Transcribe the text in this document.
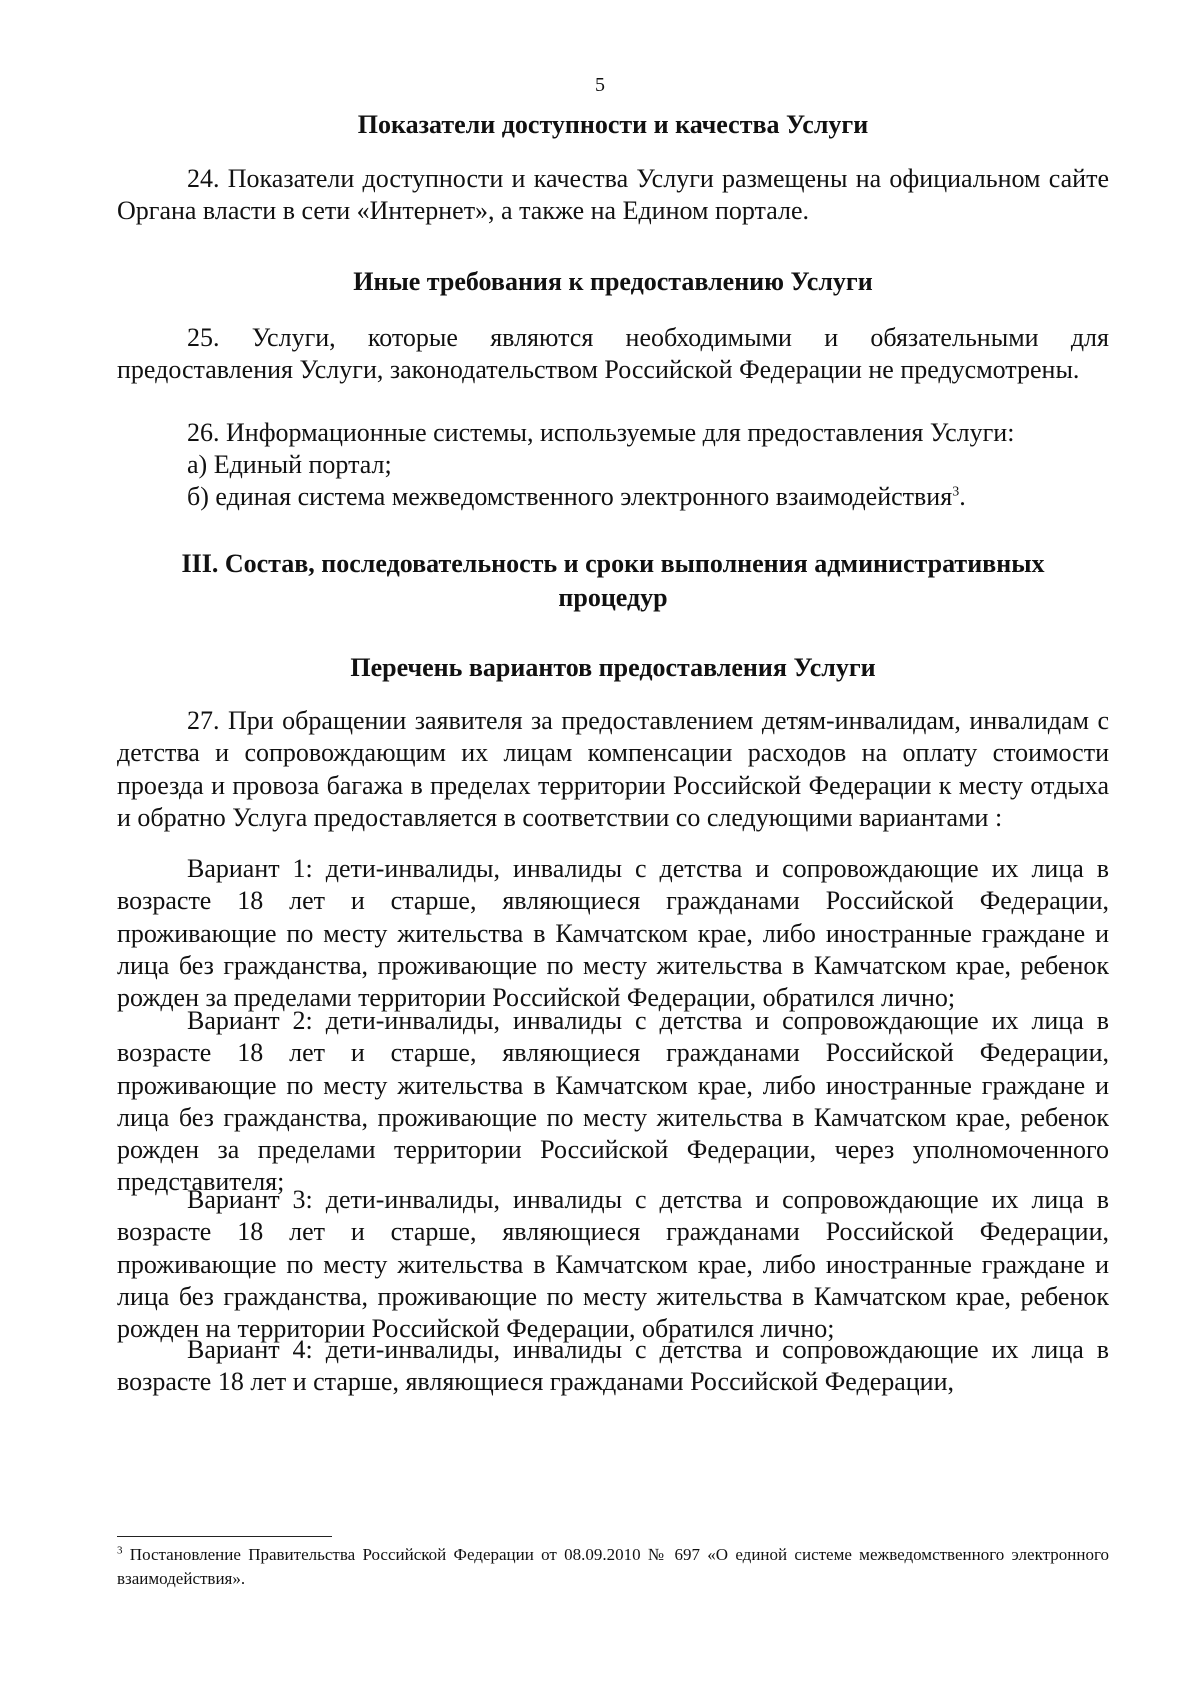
5
Показатели доступности и качества Услуги
24. Показатели доступности и качества Услуги размещены на официальном сайте Органа власти в сети «Интернет», а также на Едином портале.
Иные требования к предоставлению Услуги
25. Услуги, которые являются необходимыми и обязательными для предоставления Услуги, законодательством Российской Федерации не предусмотрены.
26. Информационные системы, используемые для предоставления Услуги:
а) Единый портал;
б) единая система межведомственного электронного взаимодействия$^3$.
III. Состав, последовательность и сроки выполнения административных процедур
Перечень вариантов предоставления Услуги
27. При обращении заявителя за предоставлением детям-инвалидам, инвалидам с детства и сопровождающим их лицам компенсации расходов на оплату стоимости проезда и провоза багажа в пределах территории Российской Федерации к месту отдыха и обратно Услуга предоставляется в соответствии со следующими вариантами :
Вариант 1: дети-инвалиды, инвалиды с детства и сопровождающие их лица в возрасте 18 лет и старше, являющиеся гражданами Российской Федерации, проживающие по месту жительства в Камчатском крае, либо иностранные граждане и лица без гражданства, проживающие по месту жительства в Камчатском крае, ребенок рожден за пределами территории Российской Федерации, обратился лично;
Вариант 2: дети-инвалиды, инвалиды с детства и сопровождающие их лица в возрасте 18 лет и старше, являющиеся гражданами Российской Федерации, проживающие по месту жительства в Камчатском крае, либо иностранные граждане и лица без гражданства, проживающие по месту жительства в Камчатском крае, ребенок рожден за пределами территории Российской Федерации, через уполномоченного представителя;
Вариант 3: дети-инвалиды, инвалиды с детства и сопровождающие их лица в возрасте 18 лет и старше, являющиеся гражданами Российской Федерации, проживающие по месту жительства в Камчатском крае, либо иностранные граждане и лица без гражданства, проживающие по месту жительства в Камчатском крае, ребенок рожден на территории Российской Федерации, обратился лично;
Вариант 4: дети-инвалиды, инвалиды с детства и сопровождающие их лица в возрасте 18 лет и старше, являющиеся гражданами Российской Федерации,
$^3$ Постановление Правительства Российской Федерации от 08.09.2010 № 697 «О единой системе межведомственного электронного взаимодействия».
